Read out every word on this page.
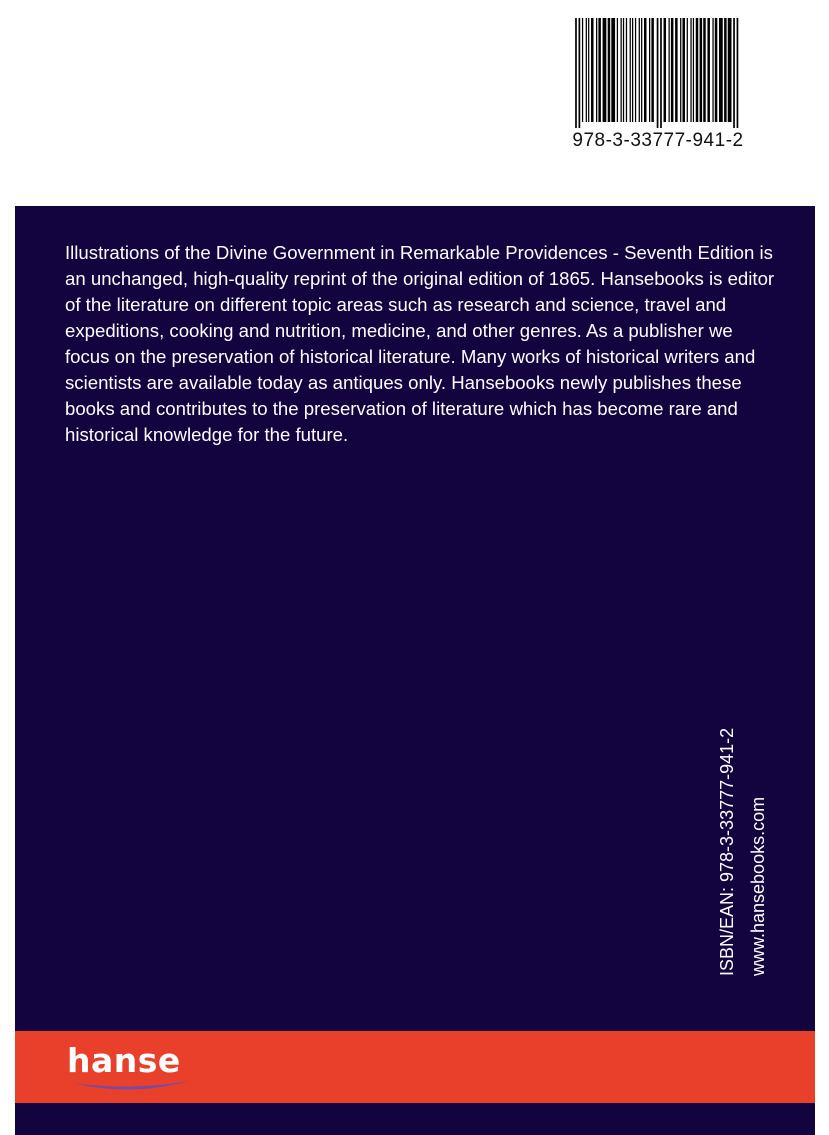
978-3-33777-941-2

Illustrations of the Divine Government in Remarkable Providences - Seventh Edition is an unchanged, high-quality reprint of the original edition of 1865. Hansebooks is editor of the literature on different topic areas such as research and science, travel and expeditions, cooking and nutrition, medicine, and other genres. As a publisher we focus on the preservation of historical literature. Many works of historical writers and scientists are available today as antiques only. Hansebooks newly publishes these books and contributes to the preservation of literature which has become rare and historical knowledge for the future.

ISBN/EAN: 978-3-33777-941-2 www.hansebooks.com
hanse
